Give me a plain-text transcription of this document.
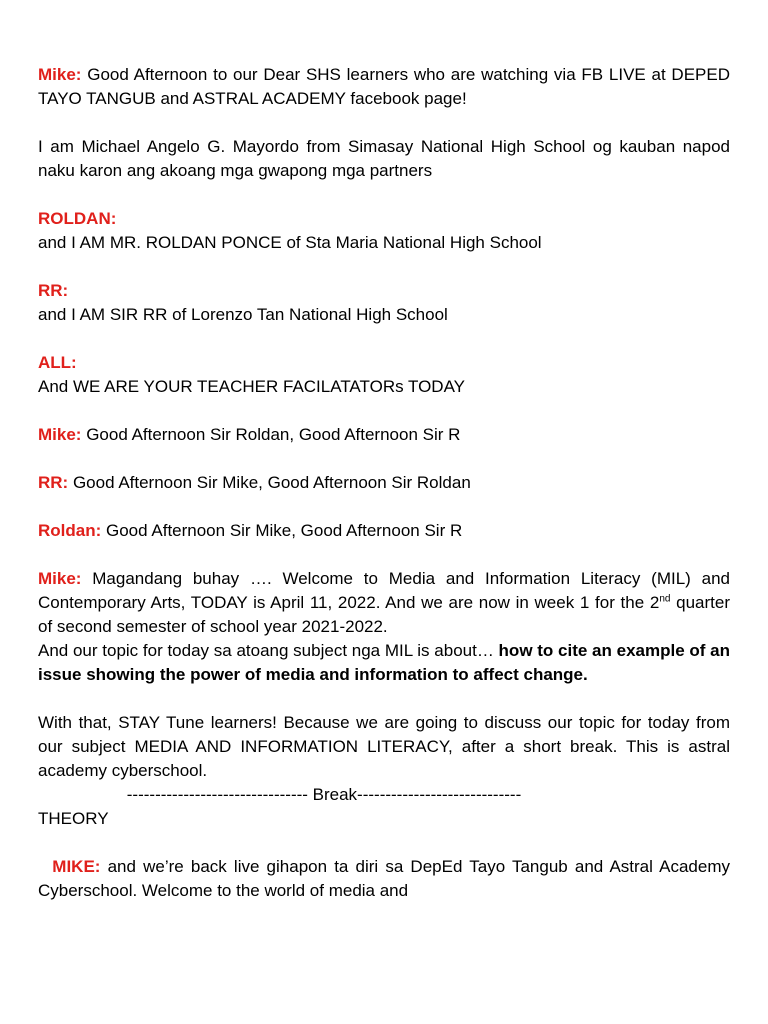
Mike: Good Afternoon to our Dear SHS learners who are watching via FB LIVE at DEPED TAYO TANGUB and ASTRAL ACADEMY facebook page!

I am Michael Angelo G. Mayordo from Simasay National High School og kauban napod naku karon ang akoang mga gwapong mga partners

ROLDAN:
and I AM MR. ROLDAN PONCE of Sta Maria National High School

RR:
and I AM SIR RR of Lorenzo Tan National High School

ALL:
And WE ARE YOUR TEACHER FACILATATORs TODAY

Mike: Good Afternoon Sir Roldan, Good Afternoon Sir R

RR: Good Afternoon Sir Mike, Good Afternoon Sir Roldan

Roldan: Good Afternoon Sir Mike, Good Afternoon Sir R

Mike: Magandang buhay …. Welcome to Media and Information Literacy (MIL) and Contemporary Arts, TODAY is April 11, 2022. And we are now in week 1 for the 2nd quarter of second semester of school year 2021-2022.

And our topic for today sa atoang subject nga MIL is about… how to cite an example of an issue showing the power of media and information to affect change.

With that, STAY Tune learners! Because we are going to discuss our topic for today from our subject MEDIA AND INFORMATION LITERACY, after a short break. This is astral academy cyberschool.

-------------------------------- Break-----------------------------

THEORY

MIKE: and we’re back live gihapon ta diri sa DepEd Tayo Tangub and Astral Academy Cyberschool. Welcome to the world of media and
